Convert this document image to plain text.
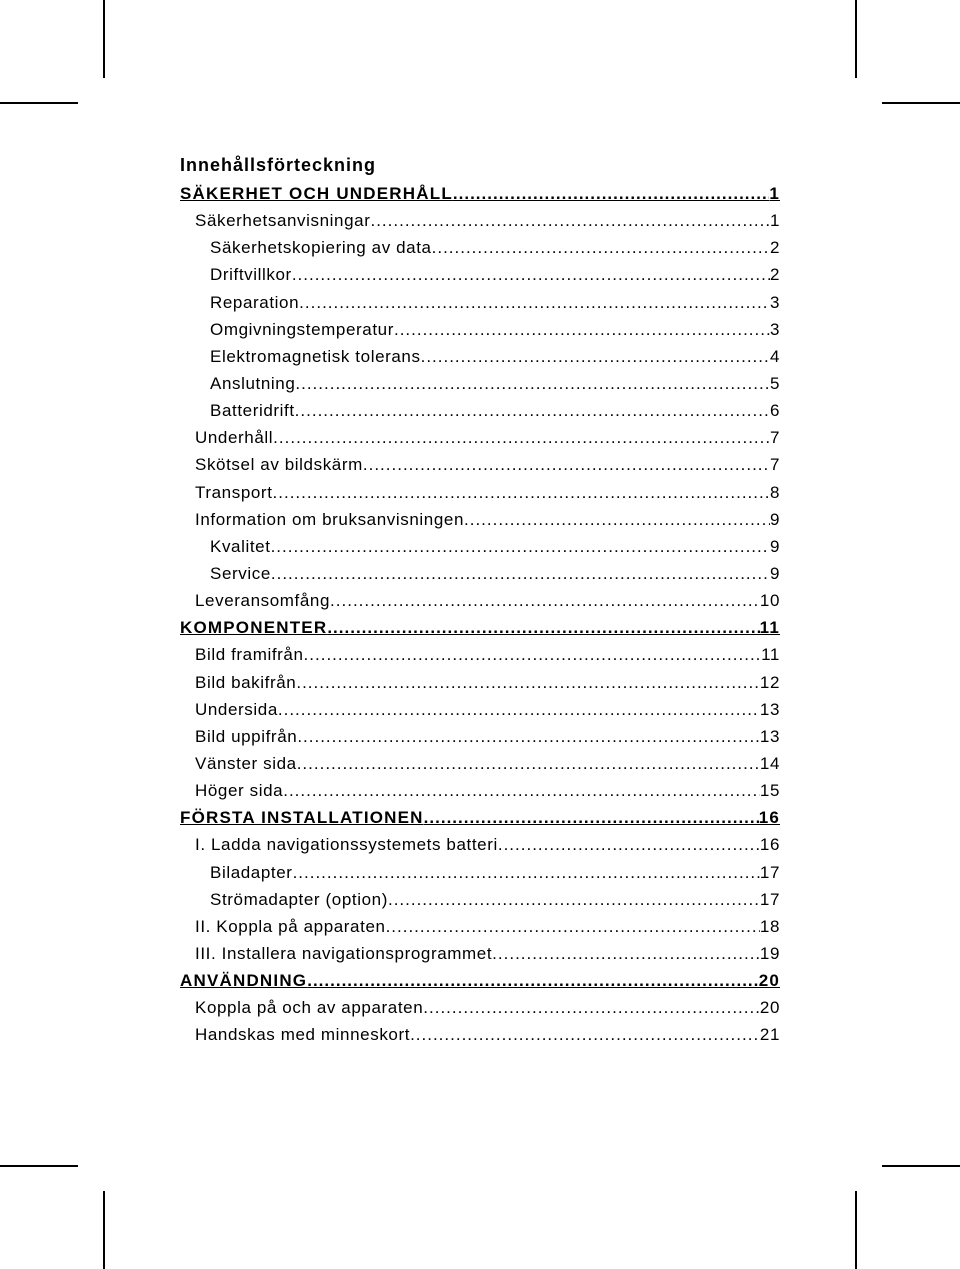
Innehållsförteckning
SÄKERHET OCH UNDERHÅLL .....	1
Säkerhetsanvisningar .....	1
Säkerhetskopiering av data .....	2
Driftvillkor .....	2
Reparation .....	3
Omgivningstemperatur .....	3
Elektromagnetisk tolerans .....	4
Anslutning .....	5
Batteridrift .....	6
Underhåll .....	7
Skötsel av bildskärm .....	7
Transport .....	8
Information om bruksanvisningen .....	9
Kvalitet .....	9
Service .....	9
Leveransomfång .....	10
KOMPONENTER .....	11
Bild framifrån .....	11
Bild bakifrån .....	12
Undersida .....	13
Bild uppifrån .....	13
Vänster sida .....	14
Höger sida .....	15
FÖRSTA INSTALLATIONEN .....	16
I. Ladda navigationssystemets batteri .....	16
Biladapter .....	17
Strömadapter (option) .....	17
II. Koppla på apparaten .....	18
III. Installera navigationsprogrammet .....	19
ANVÄNDNING .....	20
Koppla på och av apparaten .....	20
Handskas med minneskort .....	21
